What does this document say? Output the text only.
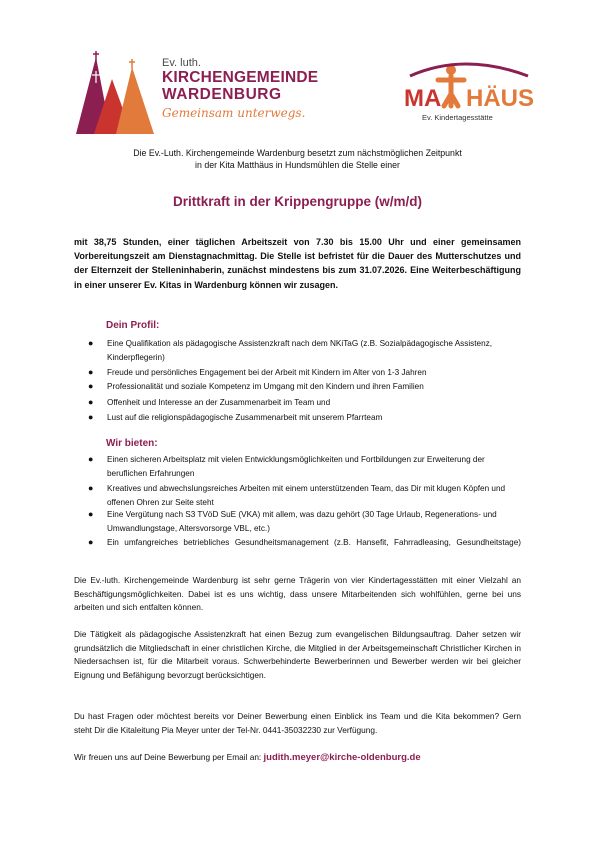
Ev. luth.
KIRCHENGEMEINDE
WARDENBURG
Gemeinsam unterwegs.
MA HÄUS
Ev. Kindertagesstätte
Die Ev.-Luth. Kirchengemeinde Wardenburg besetzt zum nächstmöglichen Zeitpunkt
in der Kita Matthäus in Hundsmühlen die Stelle einer
Drittkraft in der Krippengruppe (w/m/d)
mit 38,75 Stunden, einer täglichen Arbeitszeit von 7.30 bis 15.00 Uhr und einer gemeinsamen Vorbereitungszeit am Dienstagnachmittag. Die Stelle ist befristet für die Dauer des Mutterschutzes und der Elternzeit der Stelleninhaberin, zunächst mindestens bis zum 31.07.2026. Eine Weiterbeschäftigung in einer unserer Ev. Kitas in Wardenburg können wir zusagen.
Dein Profil:
● Eine Qualifikation als pädagogische Assistenzkraft nach dem NKiTaG (z.B. Sozialpädagogische Assistenz, Kinderpflegerin)
● Freude und persönliches Engagement bei der Arbeit mit Kindern im Alter von 1-3 Jahren
● Professionalität und soziale Kompetenz im Umgang mit den Kindern und ihren Familien
● Offenheit und Interesse an der Zusammenarbeit im Team und
● Lust auf die religionspädagogische Zusammenarbeit mit unserem Pfarrteam
Wir bieten:
● Einen sicheren Arbeitsplatz mit vielen Entwicklungsmöglichkeiten und Fortbildungen zur Erweiterung der beruflichen Erfahrungen
● Kreatives und abwechslungsreiches Arbeiten mit einem unterstützenden Team, das Dir mit klugen Köpfen und offenen Ohren zur Seite steht
● Eine Vergütung nach S3 TVöD SuE (VKA) mit allem, was dazu gehört (30 Tage Urlaub, Regenerations- und Umwandlungstage, Altersvorsorge VBL, etc.)
● Ein umfangreiches betriebliches Gesundheitsmanagement (z.B. Hansefit, Fahrradleasing, Gesundheitstage)
Die Ev.-luth. Kirchengemeinde Wardenburg ist sehr gerne Trägerin von vier Kindertagesstätten mit einer Vielzahl an Beschäftigungsmöglichkeiten. Dabei ist es uns wichtig, dass unsere Mitarbeitenden sich wohlfühlen, gerne bei uns arbeiten und sich entfalten können.
Die Tätigkeit als pädagogische Assistenzkraft hat einen Bezug zum evangelischen Bildungsauftrag. Daher setzen wir grundsätzlich die Mitgliedschaft in einer christlichen Kirche, die Mitglied in der Arbeitsgemeinschaft Christlicher Kirchen in Niedersachsen ist, für die Mitarbeit voraus. Schwerbehinderte Bewerberinnen und Bewerber werden wir bei gleicher Eignung und Befähigung bevorzugt berücksichtigen.
Du hast Fragen oder möchtest bereits vor Deiner Bewerbung einen Einblick ins Team und die Kita bekommen? Gern steht Dir die Kitaleitung Pia Meyer unter der Tel-Nr. 0441-35032230 zur Verfügung.
Wir freuen uns auf Deine Bewerbung per Email an: judith.meyer@kirche-oldenburg.de
